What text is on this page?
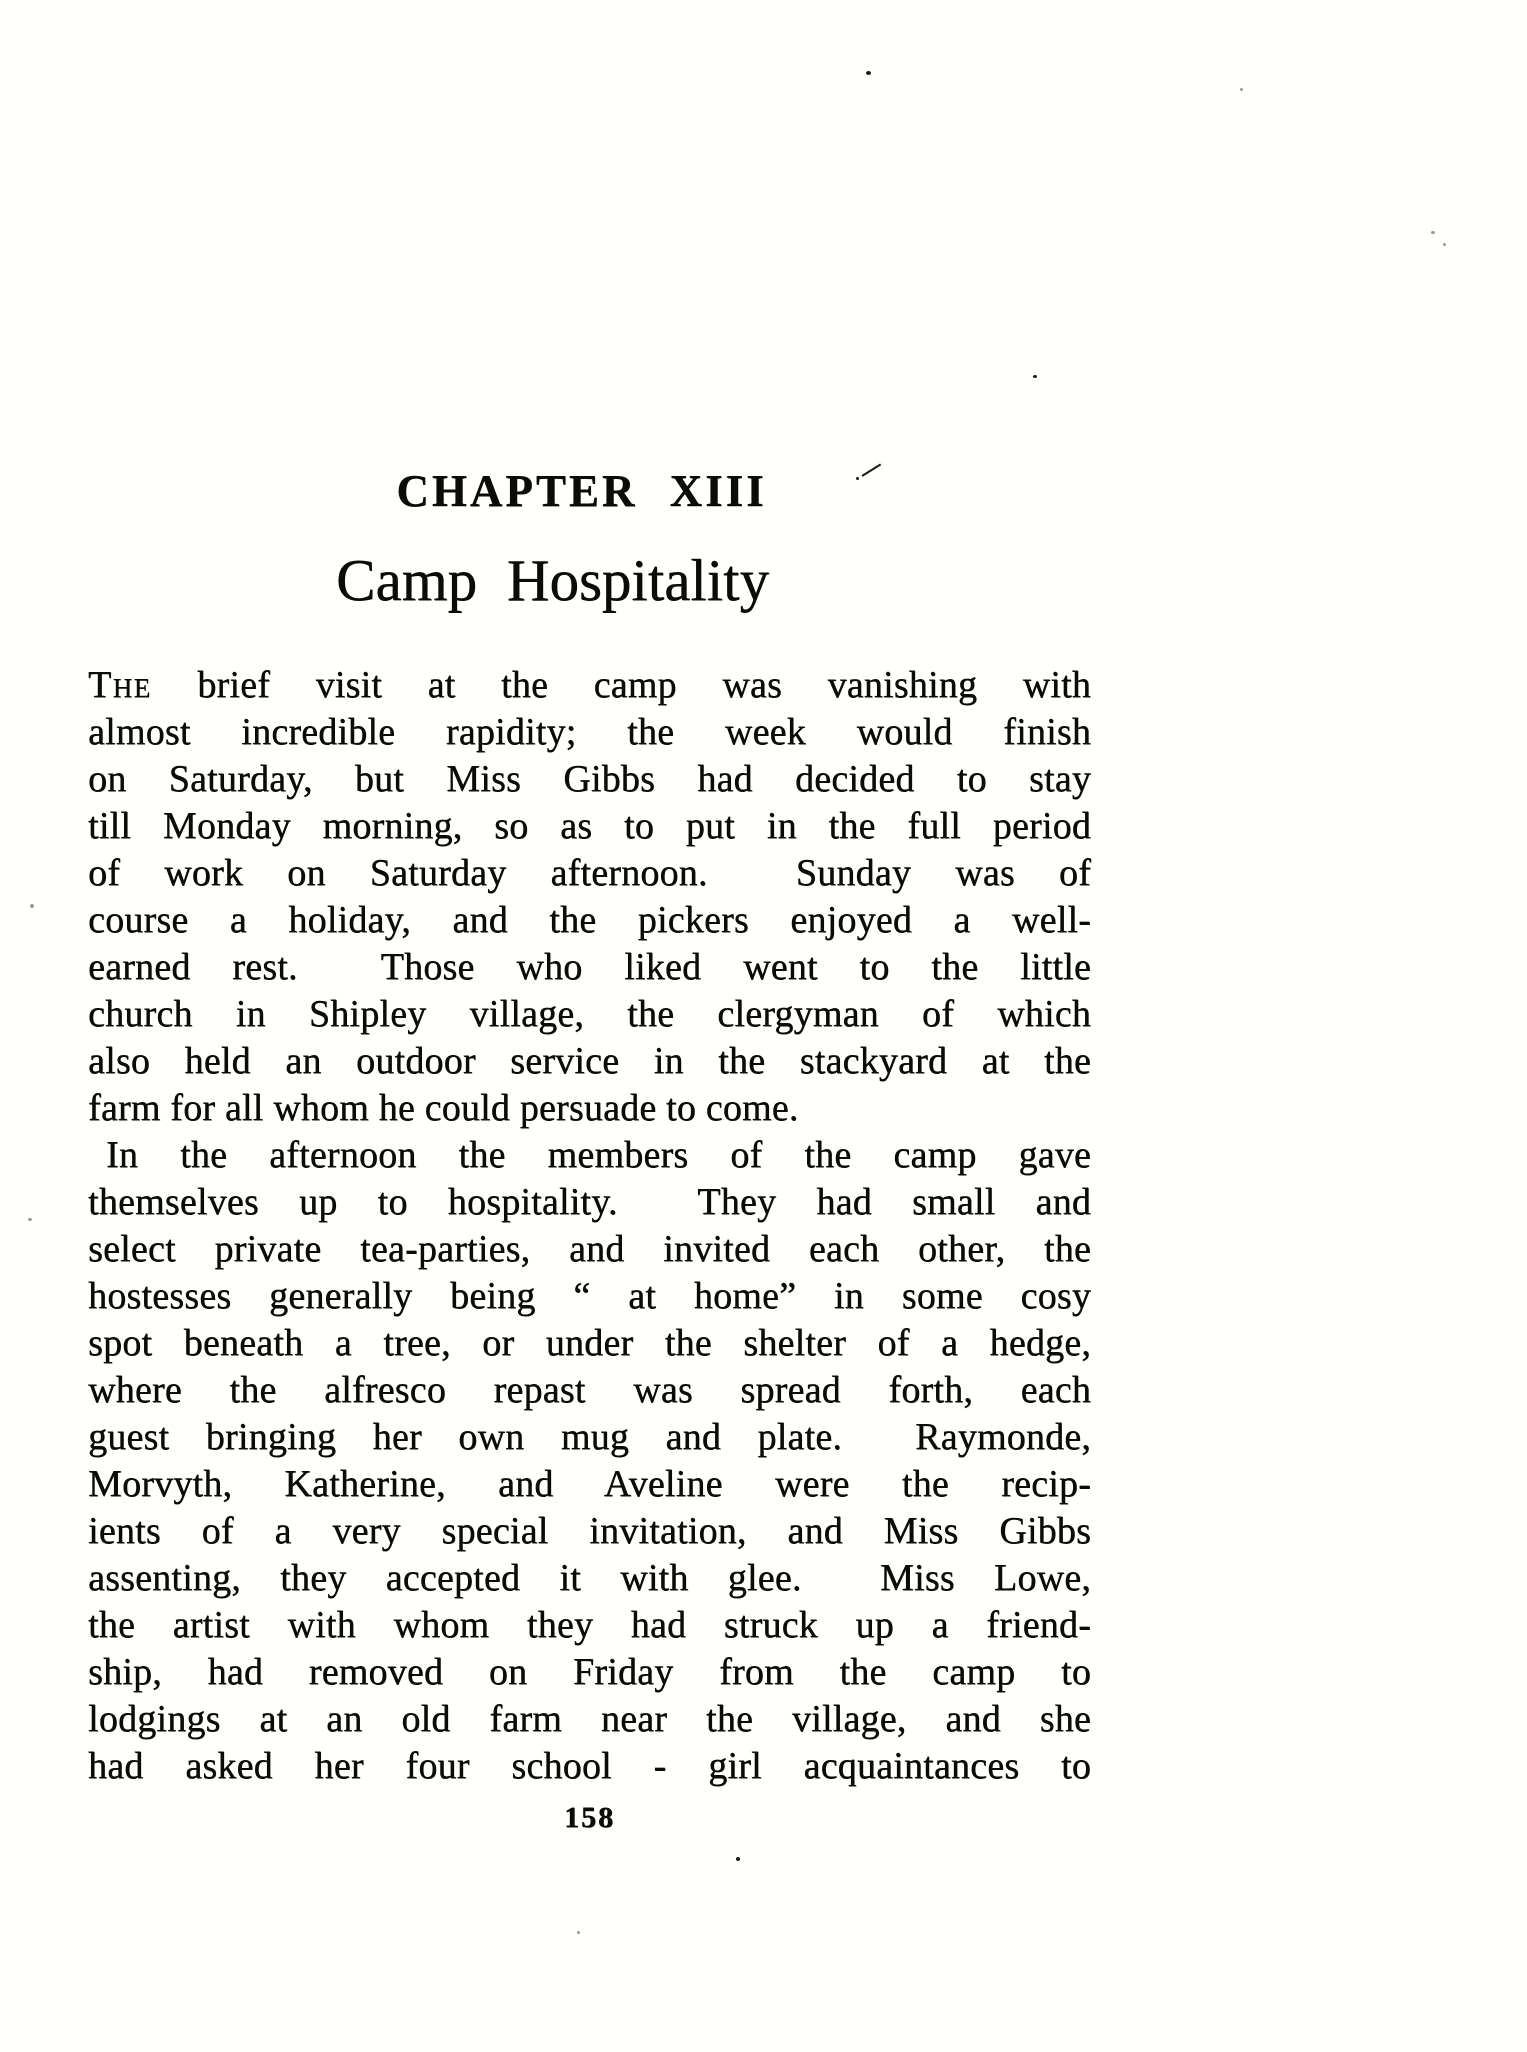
CHAPTER XIII
Camp Hospitality
The brief visit at the camp was vanishing with
almost incredible rapidity; the week would finish
on Saturday, but Miss Gibbs had decided to stay
till Monday morning, so as to put in the full period
of work on Saturday afternoon.  Sunday was of
course a holiday, and the pickers enjoyed a well-
earned rest.  Those who liked went to the little
church in Shipley village, the clergyman of which
also held an outdoor service in the stackyard at the
farm for all whom he could persuade to come.
In the afternoon the members of the camp gave
themselves up to hospitality.  They had small and
select private tea-parties, and invited each other, the
hostesses generally being “ at home” in some cosy
spot beneath a tree, or under the shelter of a hedge,
where the alfresco repast was spread forth, each
guest bringing her own mug and plate.  Raymonde,
Morvyth, Katherine, and Aveline were the recip-
ients of a very special invitation, and Miss Gibbs
assenting, they accepted it with glee.  Miss Lowe,
the artist with whom they had struck up a friend-
ship, had removed on Friday from the camp to
lodgings at an old farm near the village, and she
had asked her four school - girl acquaintances to
158
